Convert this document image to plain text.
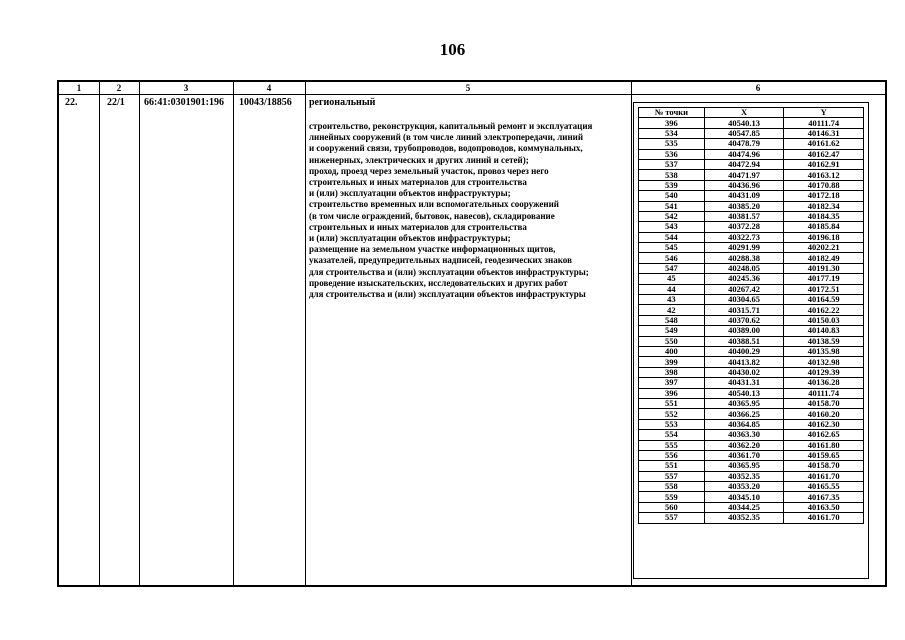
106
1	2	3	4	5	6
22.	22/1 66:41:0301901:196 10043/18856 региональный
строительство, реконструкция, капитальный ремонт и эксплуатация
линейных сооружений (в том числе линий электропередачи, линий
и сооружений связи, трубопроводов, водопроводов, коммунальных,
инженерных, электрических и других линий и сетей);
проход, проезд через земельный участок, провоз через него
строительных и иных материалов для строительства
и (или) эксплуатации объектов инфраструктуры;
строительство временных или вспомогательных сооружений
(в том числе ограждений, бытовок, навесов), складирование
строительных и иных материалов для строительства
и (или) эксплуатации объектов инфраструктуры;
размещение на земельном участке информационных щитов,
указателей, предупредительных надписей, геодезических знаков
для строительства и (или) эксплуатации объектов инфраструктуры;
проведение изыскательских, исследовательских и других работ
для строительства и (или) эксплуатации объектов инфраструктуры
№ точки	X	Y
396	40540.13	40111.74
534	40547.85	40146.31
535	40478.79	40161.62
536	40474.96	40162.47
537	40472.94	40162.91
538	40471.97	40163.12
539	40436.96	40170.88
540	40431.09	40172.18
541	40385.20	40182.34
542	40381.57	40184.35
543	40372.28	40185.84
544	40322.73	40196.18
545	40291.99	40202.21
546	40288.38	40182.49
547	40248.05	40191.30
45	40245.36	40177.19
44	40267.42	40172.51
43	40304.65	40164.59
42	40315.71	40162.22
548	40370.62	40150.03
549	40389.00	40140.83
550	40388.51	40138.59
400	40400.29	40135.98
399	40413.82	40132.98
398	40430.02	40129.39
397	40431.31	40136.28
396	40540.13	40111.74
551	40365.95	40158.70
552	40366.25	40160.20
553	40364.85	40162.30
554	40363.30	40162.65
555	40362.20	40161.80
556	40361.70	40159.65
551	40365.95	40158.70
557	40352.35	40161.70
558	40353.20	40165.55
559	40345.10	40167.35
560	40344.25	40163.50
557	40352.35	40161.70
